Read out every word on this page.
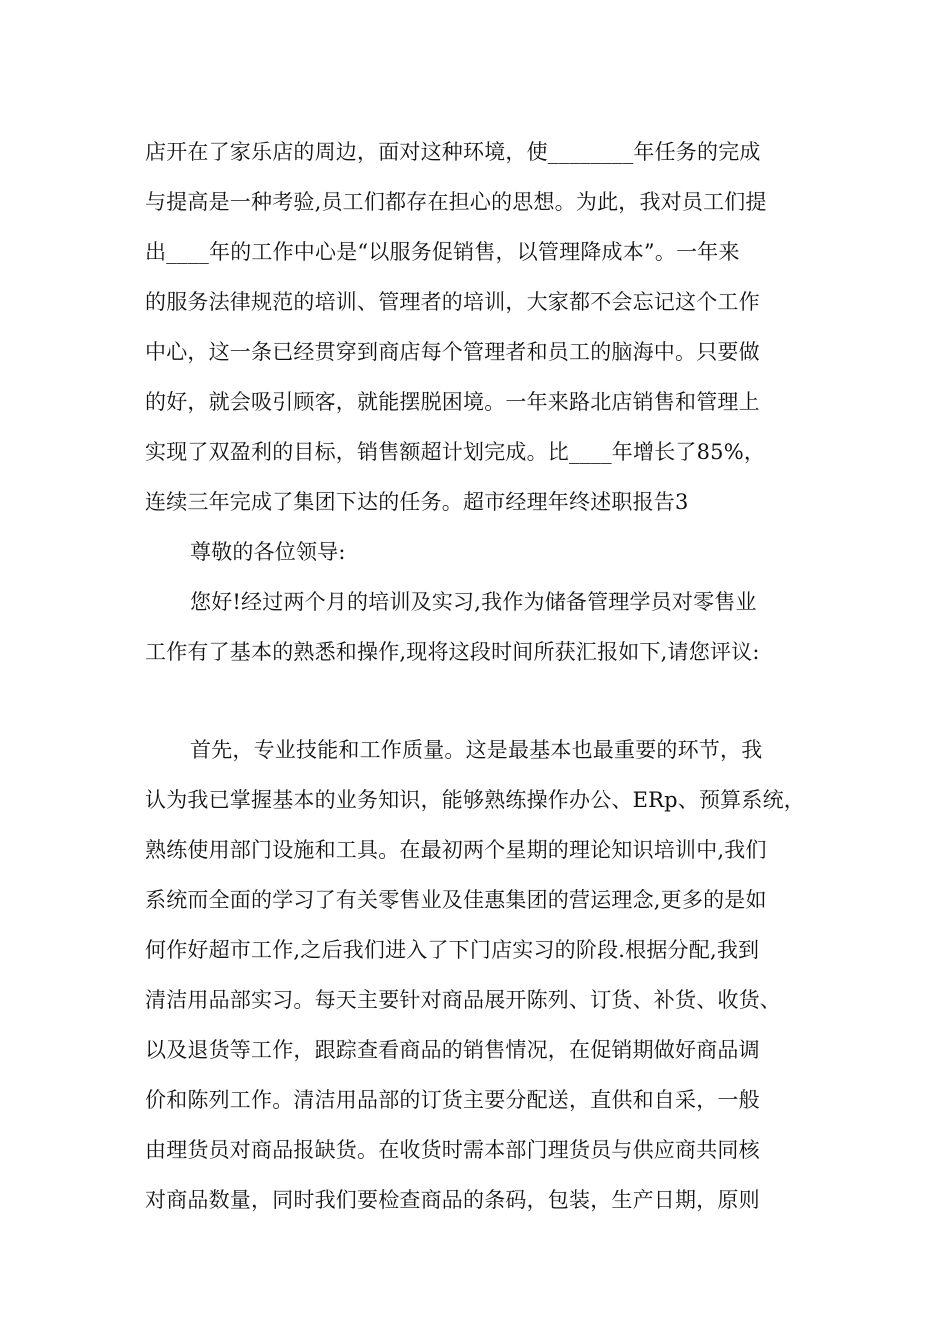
店开在了家乐店的周边，面对这种环境，使________年任务的完成
与提高是一种考验,员工们都存在担心的思想。为此，我对员工们提
出____年的工作中心是“以服务促销售，以管理降成本”。一年来
的服务法律规范的培训、管理者的培训，大家都不会忘记这个工作
中心，这一条已经贯穿到商店每个管理者和员工的脑海中。只要做
的好，就会吸引顾客，就能摆脱困境。一年来路北店销售和管理上
实现了双盈利的目标，销售额超计划完成。比____年增长了85%，
连续三年完成了集团下达的任务。超市经理年终述职报告3
尊敬的各位领导:
您好!经过两个月的培训及实习,我作为储备管理学员对零售业
工作有了基本的熟悉和操作,现将这段时间所获汇报如下,请您评议:
首先，专业技能和工作质量。这是最基本也最重要的环节，我
认为我已掌握基本的业务知识，能够熟练操作办公、ERp、预算系统，
熟练使用部门设施和工具。在最初两个星期的理论知识培训中,我们
系统而全面的学习了有关零售业及佳惠集团的营运理念,更多的是如
何作好超市工作,之后我们进入了下门店实习的阶段.根据分配,我到
清洁用品部实习。每天主要针对商品展开陈列、订货、补货、收货、
以及退货等工作，跟踪查看商品的销售情况，在促销期做好商品调
价和陈列工作。清洁用品部的订货主要分配送，直供和自采，一般
由理货员对商品报缺货。在收货时需本部门理货员与供应商共同核
对商品数量，同时我们要检查商品的条码，包装，生产日期，原则
